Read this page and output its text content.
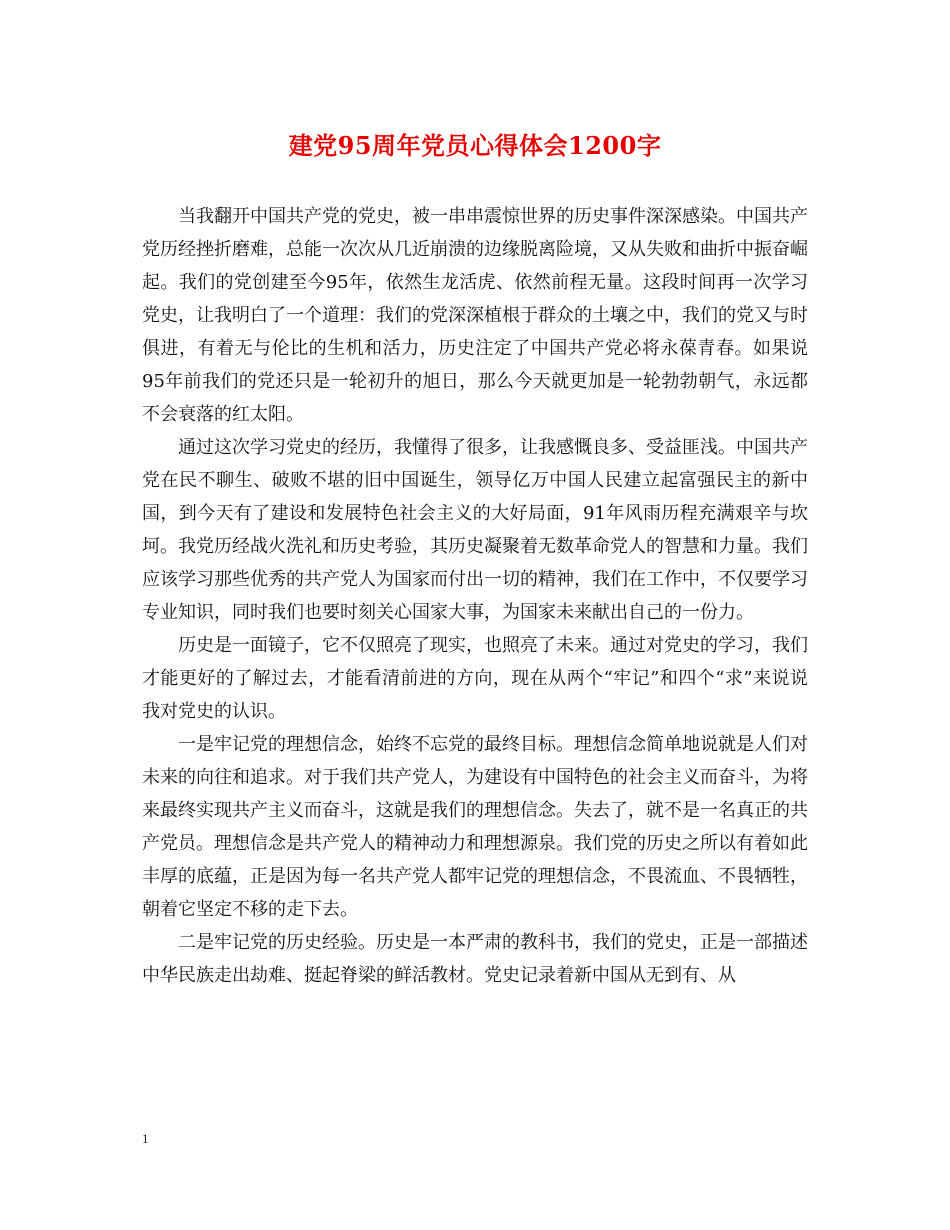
建党95周年党员心得体会1200字

当我翻开中国共产党的党史，被一串串震惊世界的历史事件深深感染。中国共产党历经挫折磨难，总能一次次从几近崩溃的边缘脱离险境，又从失败和曲折中振奋崛起。我们的党创建至今95年，依然生龙活虎、依然前程无量。这段时间再一次学习党史，让我明白了一个道理：我们的党深深植根于群众的土壤之中，我们的党又与时俱进，有着无与伦比的生机和活力，历史注定了中国共产党必将永葆青春。如果说95年前我们的党还只是一轮初升的旭日，那么今天就更加是一轮勃勃朝气，永远都不会衰落的红太阳。

通过这次学习党史的经历，我懂得了很多，让我感慨良多、受益匪浅。中国共产党在民不聊生、破败不堪的旧中国诞生，领导亿万中国人民建立起富强民主的新中国，到今天有了建设和发展特色社会主义的大好局面，91年风雨历程充满艰辛与坎坷。我党历经战火洗礼和历史考验，其历史凝聚着无数革命党人的智慧和力量。我们应该学习那些优秀的共产党人为国家而付出一切的精神，我们在工作中，不仅要学习专业知识，同时我们也要时刻关心国家大事，为国家未来献出自己的一份力。

历史是一面镜子，它不仅照亮了现实，也照亮了未来。通过对党史的学习，我们才能更好的了解过去，才能看清前进的方向，现在从两个“牢记”和四个“求”来说说我对党史的认识。

一是牢记党的理想信念，始终不忘党的最终目标。理想信念简单地说就是人们对未来的向往和追求。对于我们共产党人，为建设有中国特色的社会主义而奋斗，为将来最终实现共产主义而奋斗，这就是我们的理想信念。失去了，就不是一名真正的共产党员。理想信念是共产党人的精神动力和理想源泉。我们党的历史之所以有着如此丰厚的底蕴，正是因为每一名共产党人都牢记党的理想信念，不畏流血、不畏牺牲，朝着它坚定不移的走下去。

二是牢记党的历史经验。历史是一本严肃的教科书，我们的党史，正是一部描述中华民族走出劫难、挺起脊梁的鲜活教材。党史记录着新中国从无到有、从

1
